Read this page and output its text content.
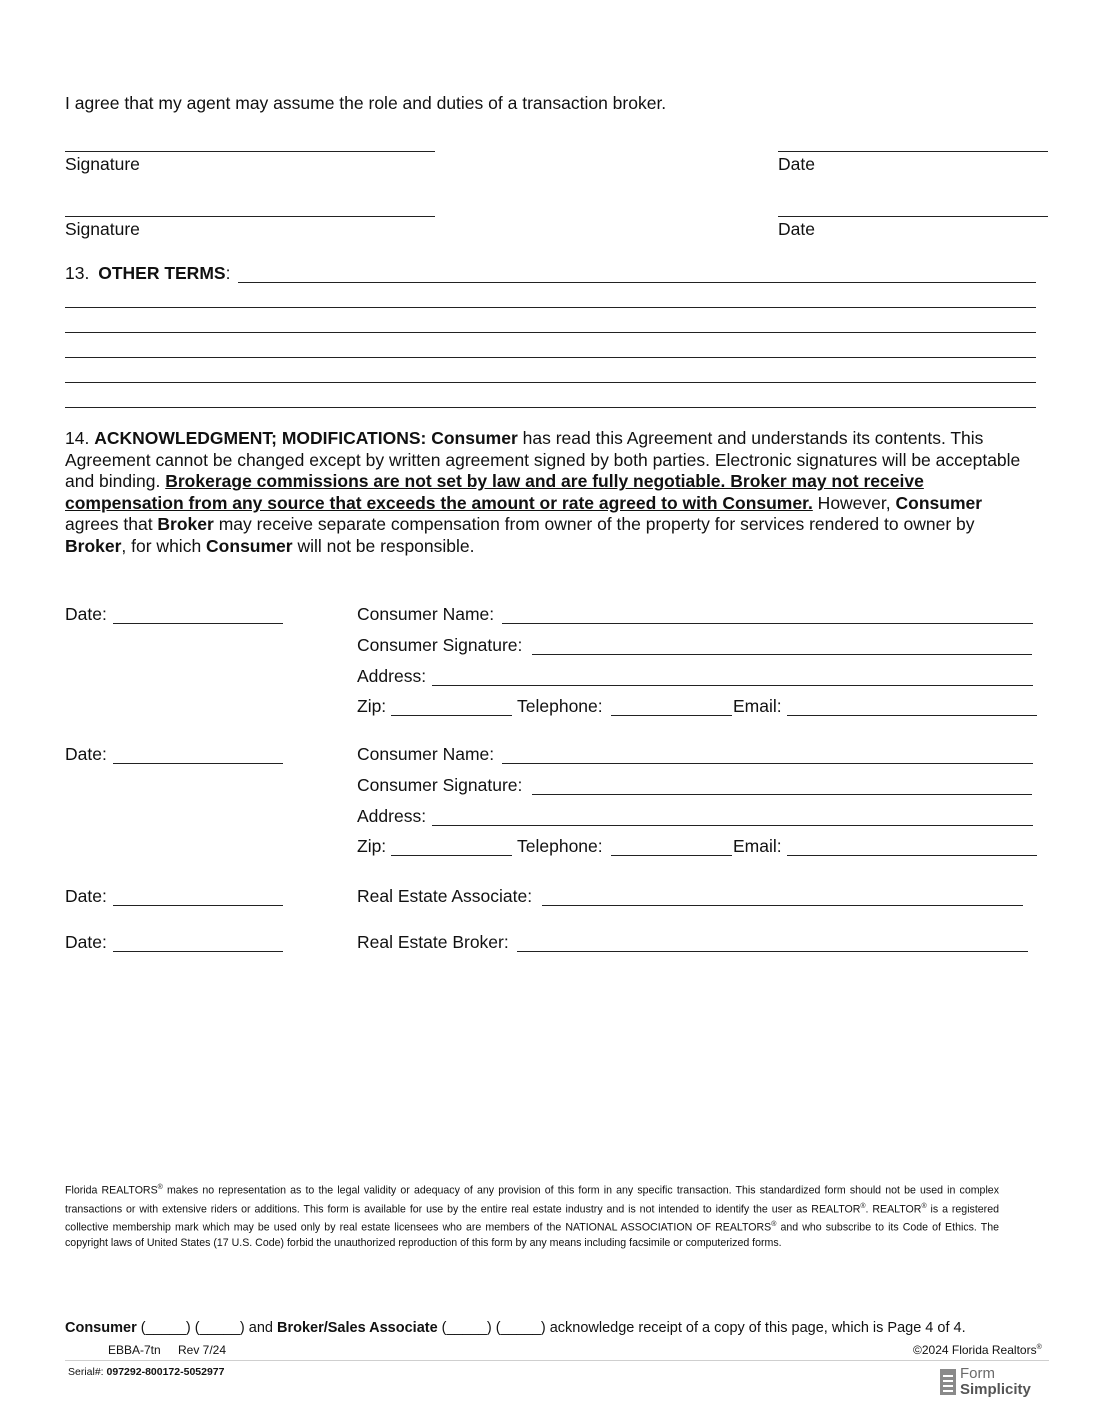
I agree that my agent may assume the role and duties of a transaction broker.
Signature	Date
Signature	Date
13. OTHER TERMS:
14. ACKNOWLEDGMENT; MODIFICATIONS: Consumer has read this Agreement and understands its contents. This Agreement cannot be changed except by written agreement signed by both parties. Electronic signatures will be acceptable and binding. Brokerage commissions are not set by law and are fully negotiable. Broker may not receive compensation from any source that exceeds the amount or rate agreed to with Consumer. However, Consumer agrees that Broker may receive separate compensation from owner of the property for services rendered to owner by Broker, for which Consumer will not be responsible.
Date:	Consumer Name:
Consumer Signature:
Address:
Zip:	Telephone:	Email:
Date:	Consumer Name:
Consumer Signature:
Address:
Zip:	Telephone:	Email:
Date:	Real Estate Associate:
Date:	Real Estate Broker:
Florida REALTORS® makes no representation as to the legal validity or adequacy of any provision of this form in any specific transaction. This standardized form should not be used in complex transactions or with extensive riders or additions. This form is available for use by the entire real estate industry and is not intended to identify the user as REALTOR®. REALTOR® is a registered collective membership mark which may be used only by real estate licensees who are members of the NATIONAL ASSOCIATION OF REALTORS® and who subscribe to its Code of Ethics. The copyright laws of United States (17 U.S. Code) forbid the unauthorized reproduction of this form by any means including facsimile or computerized forms.
Consumer (_____) (_____) and Broker/Sales Associate (_____) (_____) acknowledge receipt of a copy of this page, which is Page 4 of 4.
EBBA-7tn Rev 7/24	©2024 Florida Realtors®
Serial#: 097292-800172-5052977	Form
Simplicity
